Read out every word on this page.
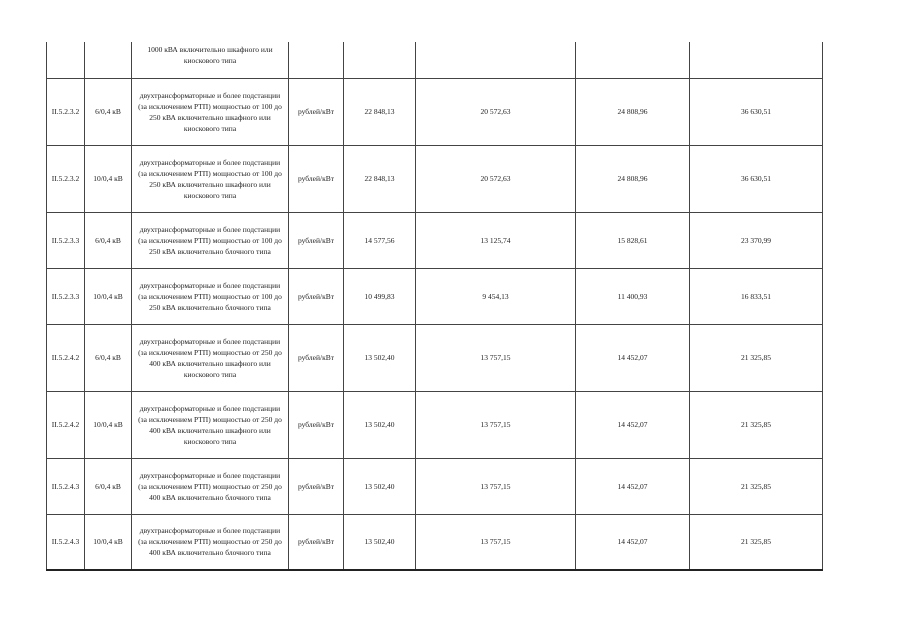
		1000 кВА включительно шкафного или киоскового типа					
II.5.2.3.2	6/0,4 кВ	двухтрансформаторные и более подстанции (за исключением РТП) мощностью от 100 до 250 кВА включительно шкафного или киоскового типа	рублей/кВт	22 848,13	20 572,63	24 808,96	36 630,51
II.5.2.3.2	10/0,4 кВ	двухтрансформаторные и более подстанции (за исключением РТП) мощностью от 100 до 250 кВА включительно шкафного или киоскового типа	рублей/кВт	22 848,13	20 572,63	24 808,96	36 630,51
II.5.2.3.3	6/0,4 кВ	двухтрансформаторные и более подстанции (за исключением РТП) мощностью от 100 до 250 кВА включительно блочного типа	рублей/кВт	14 577,56	13 125,74	15 828,61	23 370,99
II.5.2.3.3	10/0,4 кВ	двухтрансформаторные и более подстанции (за исключением РТП) мощностью от 100 до 250 кВА включительно блочного типа	рублей/кВт	10 499,83	9 454,13	11 400,93	16 833,51
II.5.2.4.2	6/0,4 кВ	двухтрансформаторные и более подстанции (за исключением РТП) мощностью от 250 до 400 кВА включительно шкафного или киоскового типа	рублей/кВт	13 502,40	13 757,15	14 452,07	21 325,85
II.5.2.4.2	10/0,4 кВ	двухтрансформаторные и более подстанции (за исключением РТП) мощностью от 250 до 400 кВА включительно шкафного или киоскового типа	рублей/кВт	13 502,40	13 757,15	14 452,07	21 325,85
II.5.2.4.3	6/0,4 кВ	двухтрансформаторные и более подстанции (за исключением РТП) мощностью от 250 до 400 кВА включительно блочного типа	рублей/кВт	13 502,40	13 757,15	14 452,07	21 325,85
II.5.2.4.3	10/0,4 кВ	двухтрансформаторные и более подстанции (за исключением РТП) мощностью от 250 до 400 кВА включительно блочного типа	рублей/кВт	13 502,40	13 757,15	14 452,07	21 325,85
